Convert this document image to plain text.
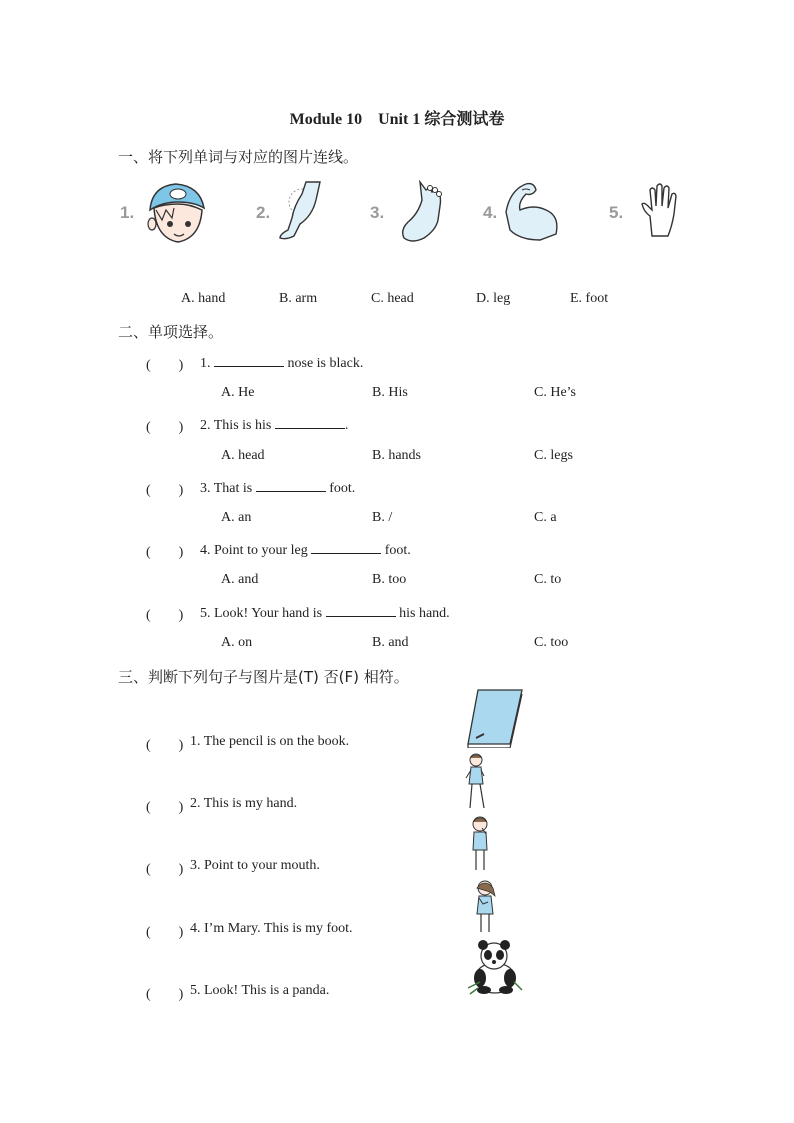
Module 10　Unit 1 综合测试卷
一、将下列单词与对应的图片连线。
1.	2.	3.	4.	5.
A. hand	B. arm	C. head	D. leg	E. foot
二、单项选择。
(　　) 1.	nose is black.
A. He	B. His	C. He’s
(　　) 2. This is his	.
A. head	B. hands	C. legs
(　　) 3. That is	foot.
A. an	B. /	C. a
(　　) 4. Point to your leg	foot.
A. and	B. too	C. to
(　　) 5. Look! Your hand is	his hand.
A. on	B. and	C. too
三、判断下列句子与图片是(T) 否(F) 相符。
(　　) 1. The pencil is on the book.
(　　) 2. This is my hand.
(　　) 3. Point to your mouth.
(　　) 4. I’m Mary. This is my foot.
(　　) 5. Look! This is a panda.
